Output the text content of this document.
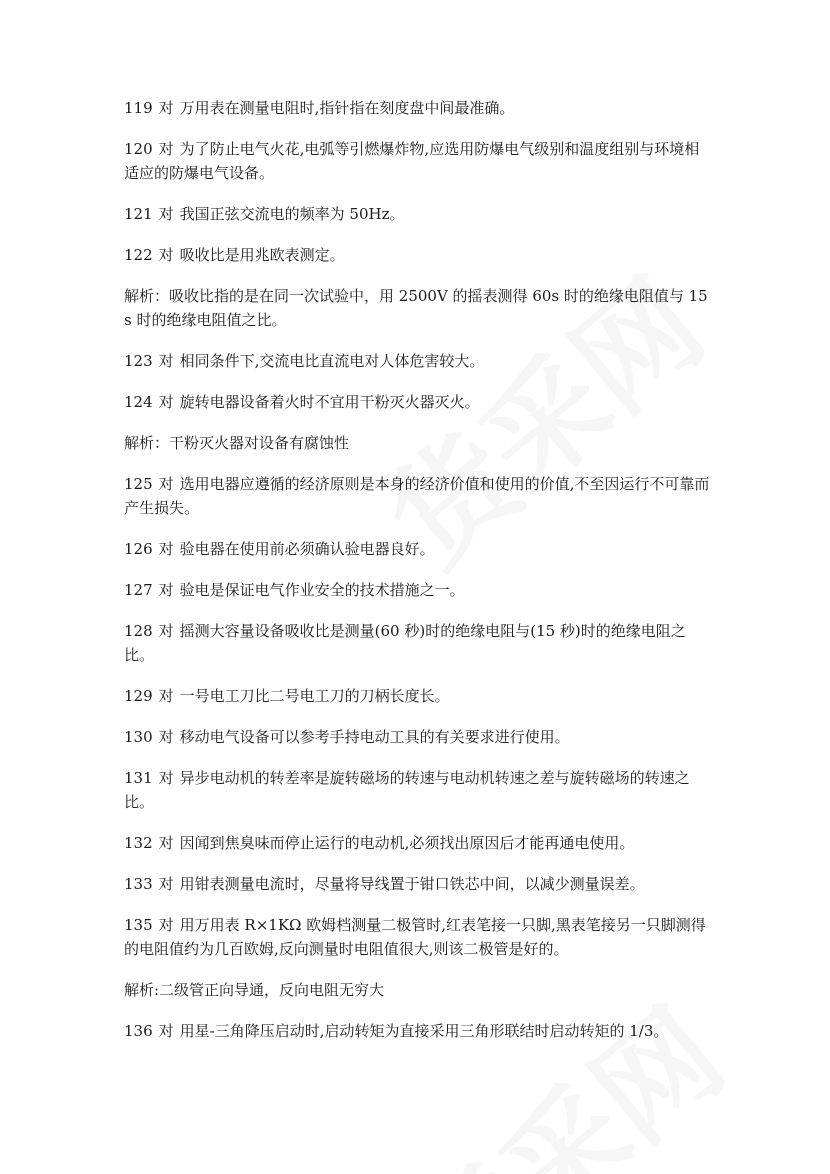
119 对 万用表在测量电阻时,指针指在刻度盘中间最准确。

120 对 为了防止电气火花,电弧等引燃爆炸物,应选用防爆电气级别和温度组别与环境相适应的防爆电气设备。

121 对 我国正弦交流电的频率为 50Hz。

122 对 吸收比是用兆欧表测定。

解析：吸收比指的是在同一次试验中，用 2500V 的摇表测得 60s 时的绝缘电阻值与 15s 时的绝缘电阻值之比。

123 对 相同条件下,交流电比直流电对人体危害较大。

124 对 旋转电器设备着火时不宜用干粉灭火器灭火。

解析：干粉灭火器对设备有腐蚀性

125 对 选用电器应遵循的经济原则是本身的经济价值和使用的价值,不至因运行不可靠而产生损失。

126 对 验电器在使用前必须确认验电器良好。

127 对 验电是保证电气作业安全的技术措施之一。

128 对 摇测大容量设备吸收比是测量(60 秒)时的绝缘电阻与(15 秒)时的绝缘电阻之比。

129 对 一号电工刀比二号电工刀的刀柄长度长。

130 对 移动电气设备可以参考手持电动工具的有关要求进行使用。

131 对 异步电动机的转差率是旋转磁场的转速与电动机转速之差与旋转磁场的转速之比。

132 对 因闻到焦臭味而停止运行的电动机,必须找出原因后才能再通电使用。

133 对 用钳表测量电流时，尽量将导线置于钳口铁芯中间，以减少测量误差。

135 对 用万用表 R×1KΩ 欧姆档测量二极管时,红表笔接一只脚,黑表笔接另一只脚测得的电阻值约为几百欧姆,反向测量时电阻值很大,则该二极管是好的。

解析:二级管正向导通，反向电阻无穷大

136 对 用星-三角降压启动时,启动转矩为直接采用三角形联结时启动转矩的 1/3。
